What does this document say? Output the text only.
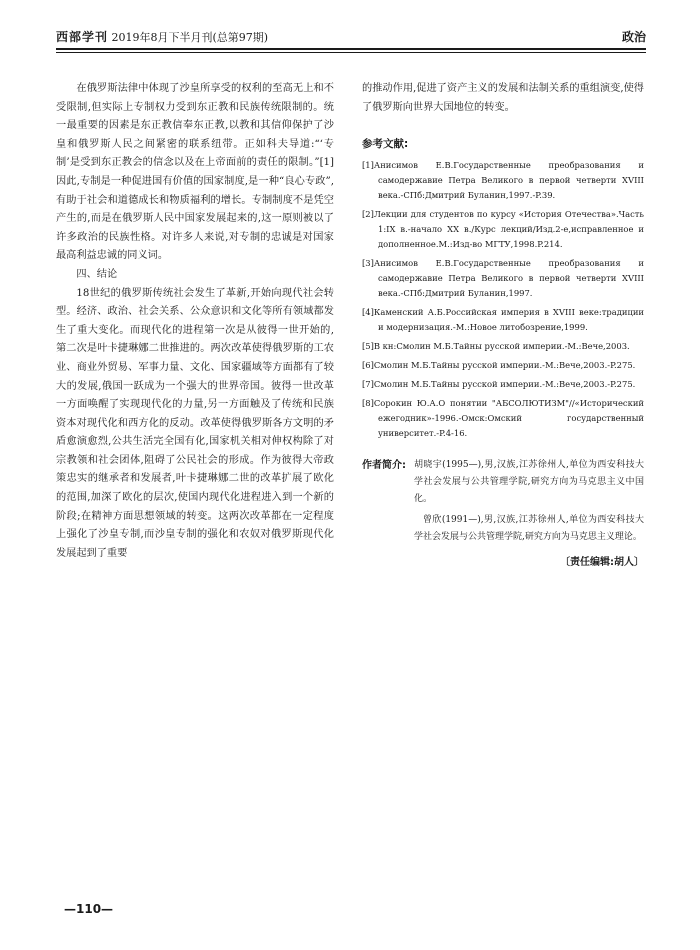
西部学刊 2019年8月下半月刊(总第97期)	政治

在俄罗斯法律中体现了沙皇所享受的权利的至高无上和不受限制,但实际上专制权力受到东正教和民族传统限制的。统一最重要的因素是东正教信奉东正教,以教和其信仰保护了沙皇和俄罗斯人民之间紧密的联系纽带。正如科夫导道:“‘专制’是受到东正教会的信念以及在上帝面前的责任的限制。”[1]因此,专制是一种促进国有价值的国家制度,是一种“良心专政”,有助于社会和道德成长和物质福利的增长。专制制度不是凭空产生的,而是在俄罗斯人民中国家发展起来的,这一原则被以了许多政治的民族性格。对许多人来说,对专制的忠诚是对国家最高利益忠诚的同义词。

四、结论

18世纪的俄罗斯传统社会发生了革新,开始向现代社会转型。经济、政治、社会关系、公众意识和文化等所有领域都发生了重大变化。而现代化的进程第一次是从彼得一世开始的,第二次是叶卡捷琳娜二世推进的。两次改革使得俄罗斯的工农业、商业外贸易、军事力量、文化、国家疆域等方面都有了较大的发展,俄国一跃成为一个强大的世界帝国。彼得一世改革一方面唤醒了实现现代化的力量,另一方面触及了传统和民族资本对现代化和西方化的反动。改革使得俄罗斯各方文明的矛盾愈演愈烈,公共生活完全国有化,国家机关相对伸权构除了对宗教领和社会团体,阻碍了公民社会的形成。作为彼得大帝政策忠实的继承者和发展者,叶卡捷琳娜二世的改革扩展了欧化的范围,加深了欧化的层次,使国内现代化进程进入到一个新的阶段;在精神方面思想领域的转变。这两次改革都在一定程度上强化了沙皇专制,而沙皇专制的强化和农奴对俄罗斯现代化发展起到了重要

的推动作用,促进了资产主义的发展和法制关系的重组演变,使得了俄罗斯向世界大国地位的转变。

参考文献:
[1]Анисимов Е.В.Государственные преобразования и самодержавие Петра Великого в первой четверти XVIII века.-СПб:Дмитрий Буланин,1997.-P.39.
[2]Лекции для студентов по курсу «История Отечества».Часть 1:IX в.-начало XX в./Курс лекций/Изд.2-е,исправленное и дополненное.М.:Изд-во МГТУ,1998.P.214.
[3]Анисимов Е.В.Государственные преобразования и самодержавие Петра Великого в первой четверти XVIII века.-СПб:Дмитрий Буланин,1997.
[4]Каменский А.Б.Российская империя в XVIII веке:традиции и модернизация.-М.:Новое литобозрение,1999.
[5]В кн:Смолин М.Б.Тайны русской империи.-М.:Вече,2003.
[6]Смолин М.Б.Тайны русской империи.-М.:Вече,2003.-P.275.
[7]Смолин М.Б.Тайны русской империи.-М.:Вече,2003.-P.275.
[8]Сорокин Ю.А.О понятии "АБСОЛЮТИЗМ"//«Исторический ежегодник»-1996.-Омск:Омский государственный университет.-P.4-16.
作者简介: 胡晓宇(1995—),男,汉族,江苏徐州人,单位为西安科技大学社会发展与公共管理学院,研究方向为马克思主义中国化。

曾欣(1991—),男,汉族,江苏徐州人,单位为西安科技大学社会发展与公共管理学院,研究方向为马克思主义理论。

〔责任编辑:胡人〕
—110—
